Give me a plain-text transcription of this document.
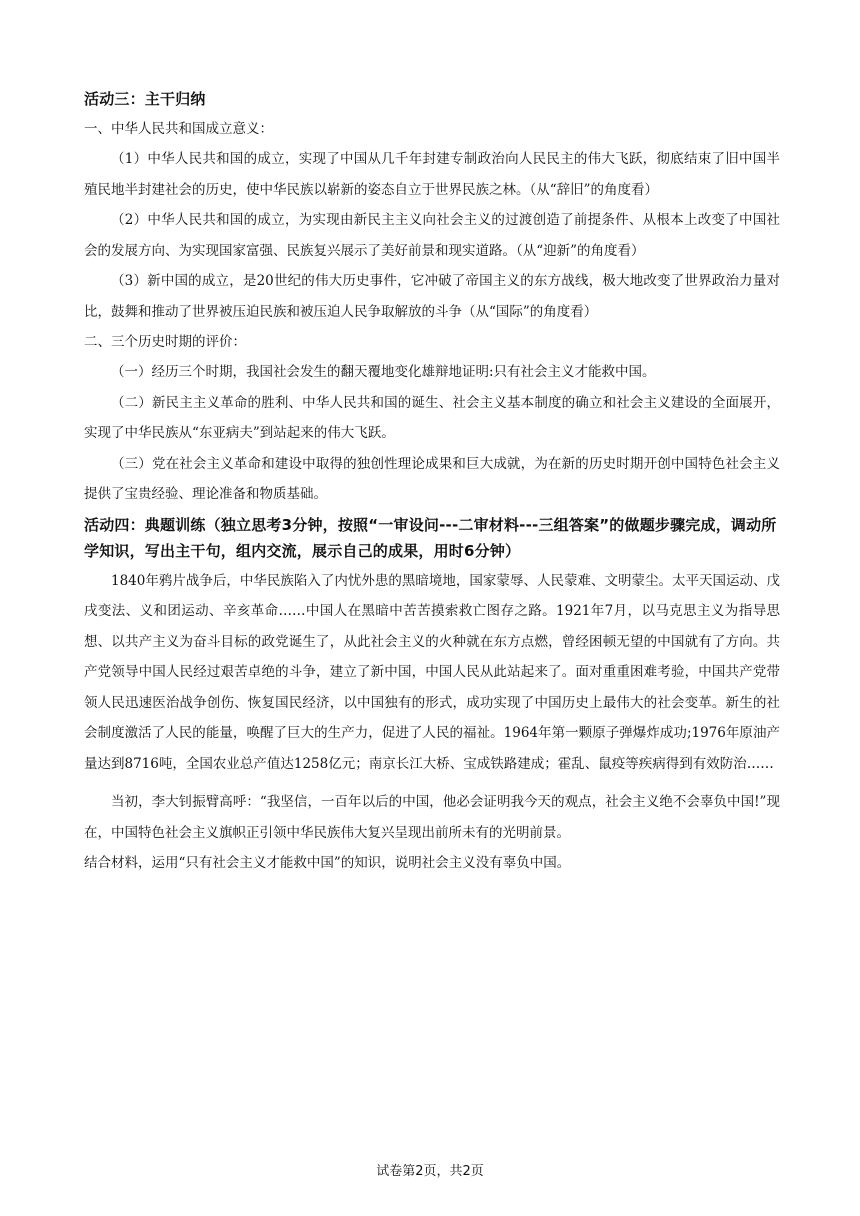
活动三：主干归纳

一、中华人民共和国成立意义：

（1）中华人民共和国的成立，实现了中国从几千年封建专制政治向人民民主的伟大飞跃，彻底结束了旧中国半殖民地半封建社会的历史，使中华民族以崭新的姿态自立于世界民族之林。（从“辞旧”的角度看）

（2）中华人民共和国的成立，为实现由新民主主义向社会主义的过渡创造了前提条件、从根本上改变了中国社会的发展方向、为实现国家富强、民族复兴展示了美好前景和现实道路。（从“迎新”的角度看）

（3）新中国的成立，是20世纪的伟大历史事件，它冲破了帝国主义的东方战线，极大地改变了世界政治力量对比，鼓舞和推动了世界被压迫民族和被压迫人民争取解放的斗争（从“国际”的角度看）

二、三个历史时期的评价：

（一）经历三个时期，我国社会发生的翻天覆地变化雄辩地证明:只有社会主义才能救中国。

（二）新民主主义革命的胜利、中华人民共和国的诞生、社会主义基本制度的确立和社会主义建设的全面展开，实现了中华民族从“东亚病夫”到站起来的伟大飞跃。

（三）党在社会主义革命和建设中取得的独创性理论成果和巨大成就，为在新的历史时期开创中国特色社会主义提供了宝贵经验、理论准备和物质基础。

活动四：典题训练（独立思考3分钟，按照“一审设问---二审材料---三组答案”的做题步骤完成，调动所学知识，写出主干句，组内交流，展示自己的成果，用时6分钟）

1840年鸦片战争后，中华民族陷入了内忧外患的黑暗境地，国家蒙辱、人民蒙难、文明蒙尘。太平天国运动、戊戌变法、义和团运动、辛亥革命……中国人在黑暗中苦苦摸索救亡图存之路。1921年7月，以马克思主义为指导思想、以共产主义为奋斗目标的政党诞生了，从此社会主义的火种就在东方点燃，曾经困顿无望的中国就有了方向。共产党领导中国人民经过艰苦卓绝的斗争，建立了新中国，中国人民从此站起来了。面对重重困难考验，中国共产党带领人民迅速医治战争创伤、恢复国民经济，以中国独有的形式，成功实现了中国历史上最伟大的社会变革。新生的社会制度激活了人民的能量，唤醒了巨大的生产力，促进了人民的福祉。1964年第一颗原子弹爆炸成功;1976年原油产量达到8716吨，全国农业总产值达1258亿元；南京长江大桥、宝成铁路建成；霍乱、鼠疫等疾病得到有效防治……

当初，李大钊振臂高呼：“我坚信，一百年以后的中国，他必会证明我今天的观点，社会主义绝不会辜负中国!”现在，中国特色社会主义旗帜正引领中华民族伟大复兴呈现出前所未有的光明前景。

结合材料，运用“只有社会主义才能救中国”的知识，说明社会主义没有辜负中国。

试卷第2页，共2页
